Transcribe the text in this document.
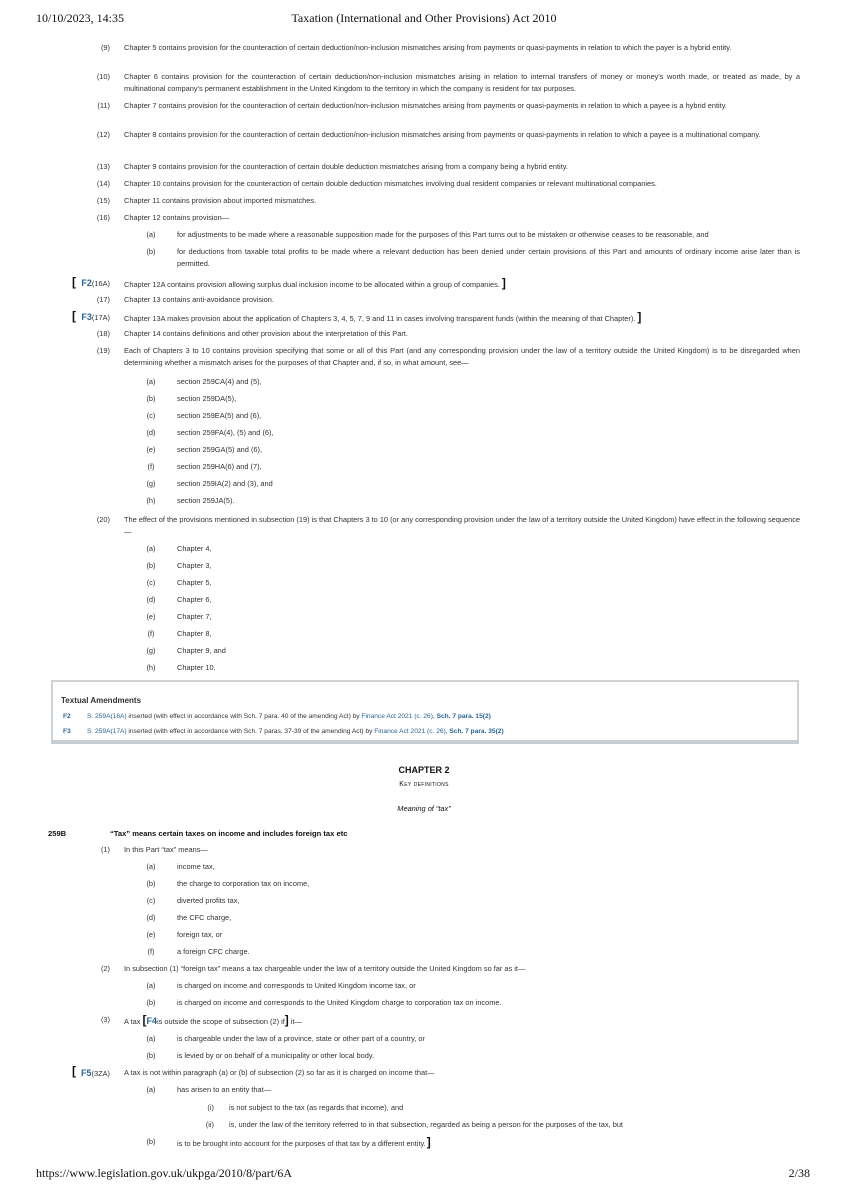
10/10/2023, 14:35	Taxation (International and Other Provisions) Act 2010
(9) Chapter 5 contains provision for the counteraction of certain deduction/non-inclusion mismatches arising from payments or quasi-payments in relation to which the payer is a hybrid entity.
(10) Chapter 6 contains provision for the counteraction of certain deduction/non-inclusion mismatches arising in relation to internal transfers of money or money's worth made, or treated as made, by a multinational company's permanent establishment in the United Kingdom to the territory in which the company is resident for tax purposes.
(11) Chapter 7 contains provision for the counteraction of certain deduction/non-inclusion mismatches arising from payments or quasi-payments in relation to which a payee is a hybrid entity.
(12) Chapter 8 contains provision for the counteraction of certain deduction/non-inclusion mismatches arising from payments or quasi-payments in relation to which a payee is a multinational company.
(13) Chapter 9 contains provision for the counteraction of certain double deduction mismatches arising from a company being a hybrid entity.
(14) Chapter 10 contains provision for the counteraction of certain double deduction mismatches involving dual resident companies or relevant multinational companies.
(15) Chapter 11 contains provision about imported mismatches.
(16) Chapter 12 contains provision—
(a)	for adjustments to be made where a reasonable supposition made for the purposes of this Part turns out to be mistaken or otherwise ceases to be reasonable, and
(b)	for deductions from taxable total profits to be made where a relevant deduction has been denied under certain provisions of this Part and amounts of ordinary income arise later than is permitted.
[ F2(16A) Chapter 12A contains provision allowing surplus dual inclusion income to be allocated within a group of companies. ]
(17) Chapter 13 contains anti-avoidance provision.
[ F3(17A) Chapter 13A makes provision about the application of Chapters 3, 4, 5, 7, 9 and 11 in cases involving transparent funds (within the meaning of that Chapter). ]
(18) Chapter 14 contains definitions and other provision about the interpretation of this Part.
(19) Each of Chapters 3 to 10 contains provision specifying that some or all of this Part (and any corresponding provision under the law of a territory outside the United Kingdom) is to be disregarded when determining whether a mismatch arises for the purposes of that Chapter and, if so, in what amount, see—
(a)	section 259CA(4) and (5),
(b)	section 259DA(5),
(c)	section 259EA(5) and (6),
(d)	section 259FA(4), (5) and (6),
(e)	section 259GA(5) and (6),
(f)	section 259HA(6) and (7),
(g)	section 259IA(2) and (3), and
(h)	section 259JA(5).
(20) The effect of the provisions mentioned in subsection (19) is that Chapters 3 to 10 (or any corresponding provision under the law of a territory outside the United Kingdom) have effect in the following sequence—
(a)	Chapter 4,
(b)	Chapter 3,
(c)	Chapter 5,
(d)	Chapter 6,
(e)	Chapter 7,
(f)	Chapter 8,
(g)	Chapter 9, and
(h)	Chapter 10.
Textual Amendments
F2 S. 259A(16A) inserted (with effect in accordance with Sch. 7 para. 40 of the amending Act) by Finance Act 2021 (c. 26), Sch. 7 para. 15(2)
F3 S. 259A(17A) inserted (with effect in accordance with Sch. 7 paras. 37-39 of the amending Act) by Finance Act 2021 (c. 26), Sch. 7 para. 35(2)
CHAPTER 2
Key definitions
Meaning of “tax”
259B	“Tax” means certain taxes on income and includes foreign tax etc
(1) In this Part “tax” means—
(a)	income tax,
(b)	the charge to corporation tax on income,
(c)	diverted profits tax,
(d)	the CFC charge,
(e)	foreign tax, or
(f)	a foreign CFC charge.
(2) In subsection (1) “foreign tax” means a tax chargeable under the law of a territory outside the United Kingdom so far as it—
(a)	is charged on income and corresponds to United Kingdom income tax, or
(b)	is charged on income and corresponds to the United Kingdom charge to corporation tax on income.
(3) A tax [F4is outside the scope of subsection (2) if] it—
(a)	is chargeable under the law of a province, state or other part of a country, or
(b)	is levied by or on behalf of a municipality or other local body.
[ F5(3ZA) A tax is not within paragraph (a) or (b) of subsection (2) so far as it is charged on income that—
(a)	has arisen to an entity that—
(i) is not subject to the tax (as regards that income), and
(ii) is, under the law of the territory referred to in that subsection, regarded as being a person for the purposes of the tax, but
(b)	is to be brought into account for the purposes of that tax by a different entity.]
https://www.legislation.gov.uk/ukpga/2010/8/part/6A	2/38
